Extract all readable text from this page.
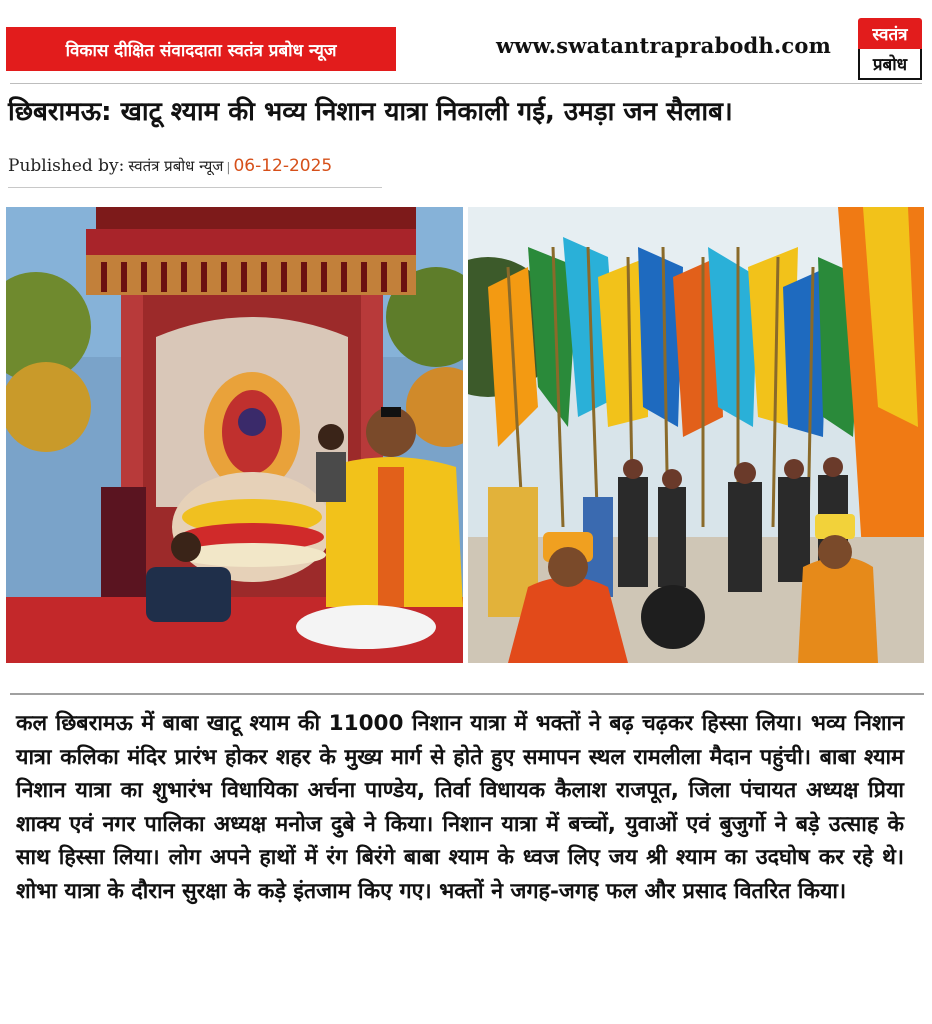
विकास दीक्षित संवाददाता स्वतंत्र प्रबोध न्यूज	www.swatantraprabodh.com	स्वतंत्र
प्रबोध
छिबरामऊ: खाटू श्याम की भव्य निशान यात्रा निकाली गई, उमड़ा जन सैलाब।
Published by: स्वतंत्र प्रबोध न्यूज | 06-12-2025

कल छिबरामऊ में बाबा खाटू श्याम की 11000 निशान यात्रा में भक्तों ने बढ़ चढ़कर हिस्सा लिया। भव्य निशान यात्रा कलिका मंदिर प्रारंभ होकर शहर के मुख्य मार्ग से होते हुए समापन स्थल रामलीला मैदान पहुंची। बाबा श्याम निशान यात्रा का शुभारंभ विधायिका अर्चना पाण्डेय, तिर्वा विधायक कैलाश राजपूत, जिला पंचायत अध्यक्ष प्रिया शाक्य एवं नगर पालिका अध्यक्ष मनोज दुबे ने किया। निशान यात्रा में बच्चों, युवाओं एवं बुजुर्गो ने बड़े उत्साह के साथ हिस्सा लिया। लोग अपने हाथों में रंग बिरंगे बाबा श्याम के ध्वज लिए जय श्री श्याम का उदघोष कर रहे थे। शोभा यात्रा के दौरान सुरक्षा के कड़े इंतजाम किए गए। भक्तों ने जगह-जगह फल और प्रसाद वितरित किया।
